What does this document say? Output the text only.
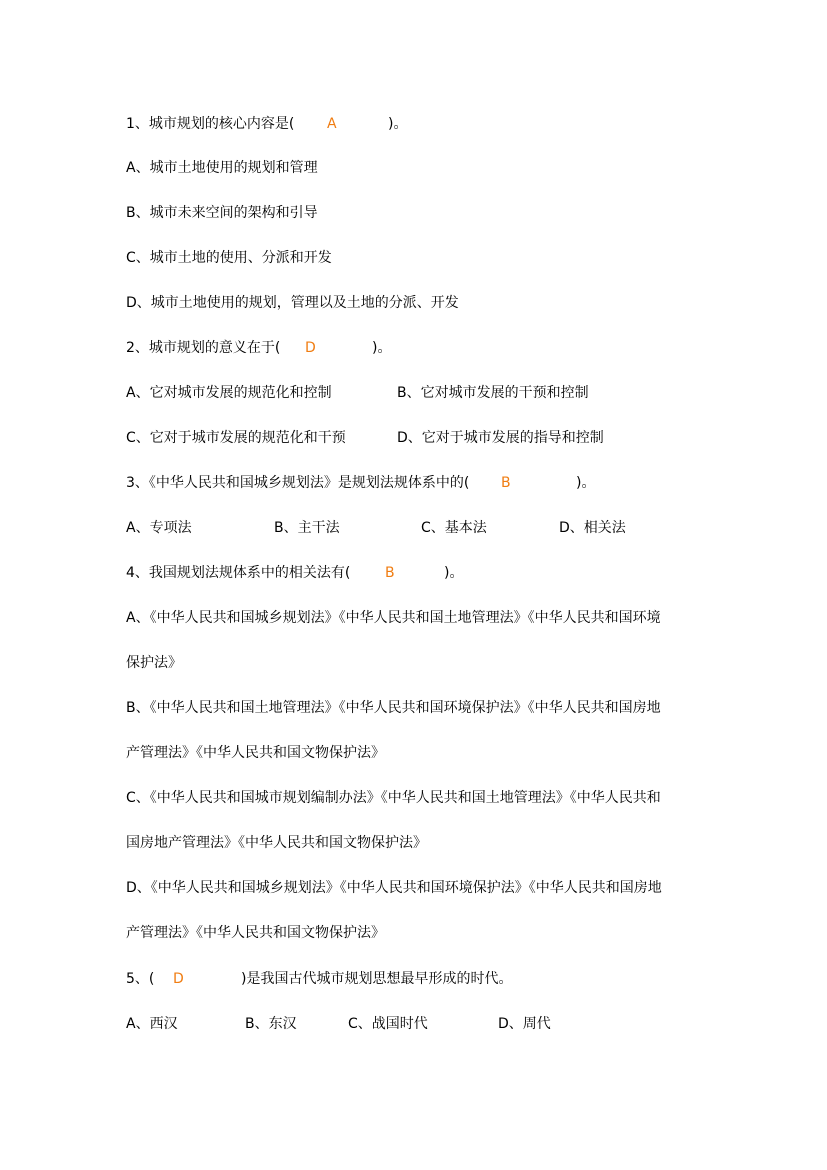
1、城市规划的核心内容是( A	)。
A、城市土地使用的规划和管理
B、城市未来空间的架构和引导
C、城市土地的使用、分派和开发
D、城市土地使用的规划，管理以及土地的分派、开发
2、城市规划的意义在于( D	)。
A、它对城市发展的规范化和控制	B、它对城市发展的干预和控制
C、它对于城市发展的规范化和干预	D、它对于城市发展的指导和控制
3、《中华人民共和国城乡规划法》是规划法规体系中的( B	)。
A、专项法	B、主干法	C、基本法	D、相关法
4、我国规划法规体系中的相关法有( B	)。
A、《中华人民共和国城乡规划法》《中华人民共和国土地管理法》《中华人民共和国环境
保护法》
B、《中华人民共和国土地管理法》《中华人民共和国环境保护法》《中华人民共和国房地
产管理法》《中华人民共和国文物保护法》
C、《中华人民共和国城市规划编制办法》《中华人民共和国土地管理法》《中华人民共和
国房地产管理法》《中华人民共和国文物保护法》
D、《中华人民共和国城乡规划法》《中华人民共和国环境保护法》《中华人民共和国房地
产管理法》《中华人民共和国文物保护法》
5、( D	)是我国古代城市规划思想最早形成的时代。
A、西汉	B、东汉	C、战国时代	D、周代
